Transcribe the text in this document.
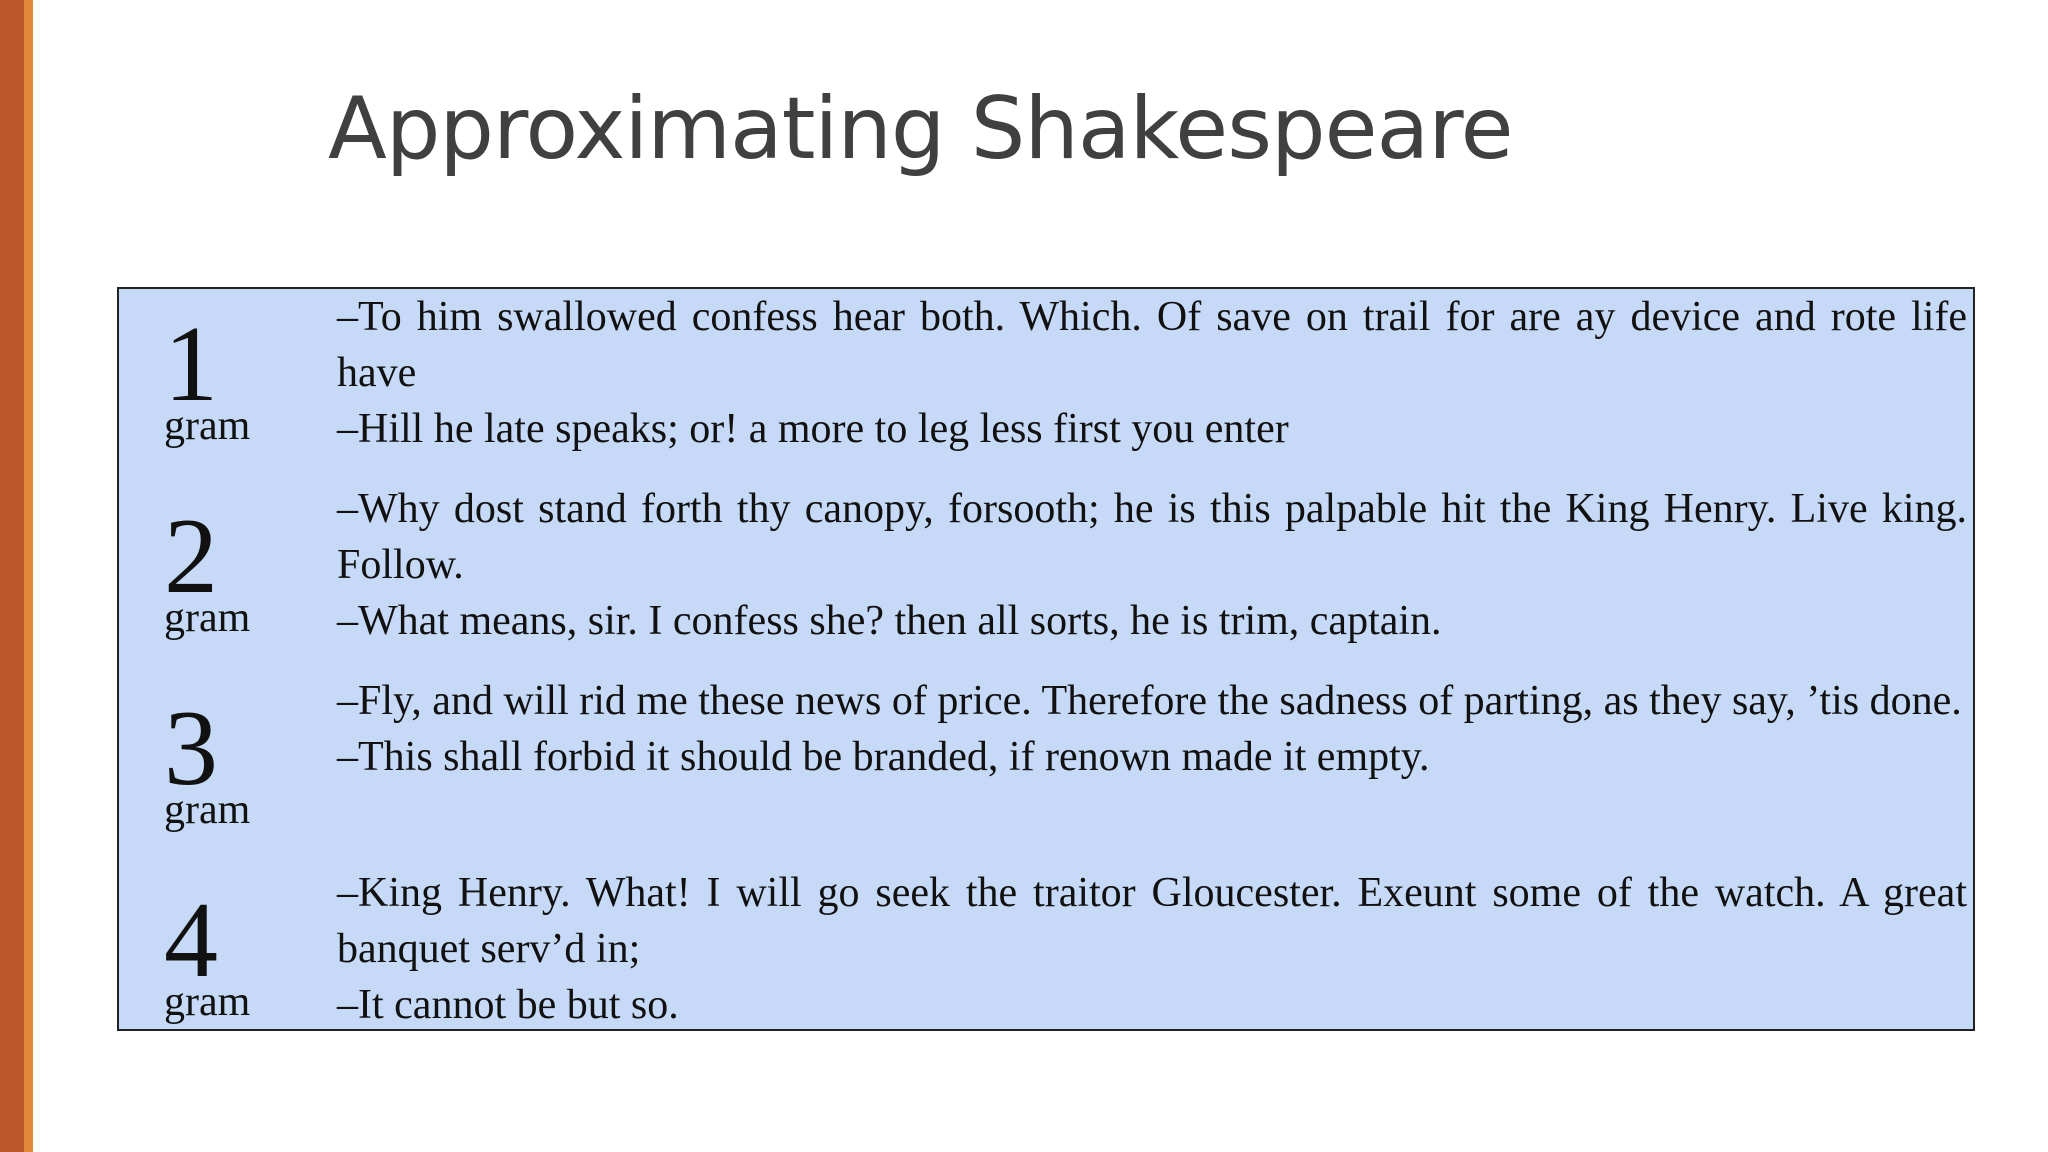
Approximating Shakespeare
1
gram
–To him swallowed confess hear both. Which. Of save on trail for are ay device and rote life have
–Hill he late speaks; or! a more to leg less first you enter
2
gram
–Why dost stand forth thy canopy, forsooth; he is this palpable hit the King Henry. Live king. Follow.
–What means, sir. I confess she? then all sorts, he is trim, captain.
3
gram
–Fly, and will rid me these news of price. Therefore the sadness of parting, as they say, ’tis done.
–This shall forbid it should be branded, if renown made it empty.
4
gram
–King Henry. What! I will go seek the traitor Gloucester. Exeunt some of the watch. A great banquet serv’d in;
–It cannot be but so.
